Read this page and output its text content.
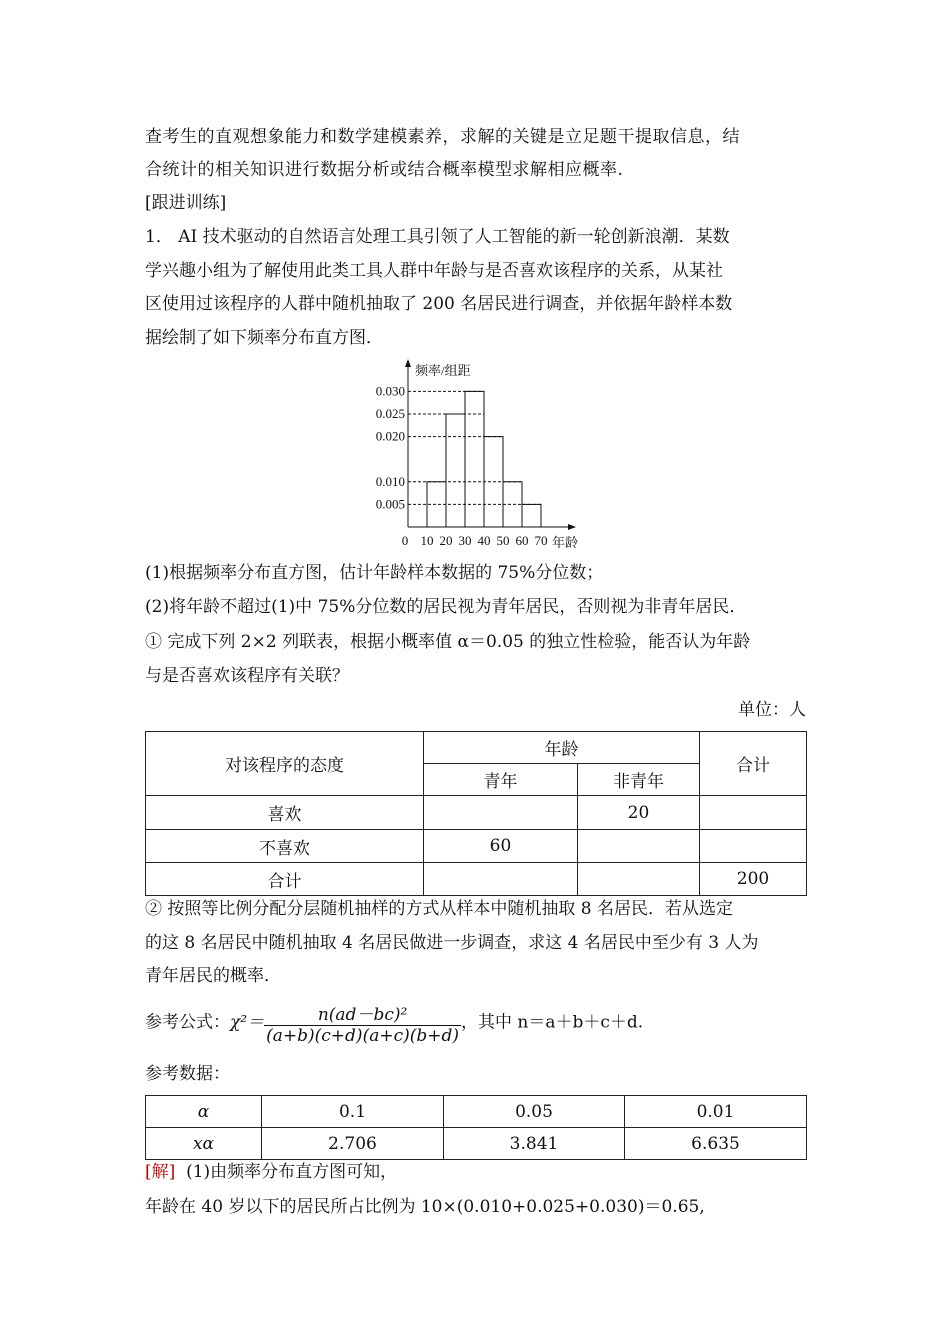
查考生的直观想象能力和数学建模素养，求解的关键是立足题干提取信息，结
合统计的相关知识进行数据分析或结合概率模型求解相应概率.
[跟进训练]
1． AI 技术驱动的自然语言处理工具引领了人工智能的新一轮创新浪潮．某数
学兴趣小组为了解使用此类工具人群中年龄与是否喜欢该程序的关系，从某社
区使用过该程序的人群中随机抽取了 200 名居民进行调查，并依据年龄样本数
据绘制了如下频率分布直方图．
频率/组距
年龄
0.005
0.010
0.020
0.025
0.030
0 10 20 30 40 50 60 70
(1)根据频率分布直方图，估计年龄样本数据的 75%分位数；
(2)将年龄不超过(1)中 75%分位数的居民视为青年居民，否则视为非青年居民．
① 完成下列 2×2 列联表，根据小概率值 α＝0.05 的独立性检验，能否认为年龄
与是否喜欢该程序有关联？
单位：人
对该程序的态度	年龄		合计
	青年	非青年	
喜欢		20	
不喜欢	60		
合计			200
② 按照等比例分配分层随机抽样的方式从样本中随机抽取 8 名居民．若从选定
的这 8 名居民中随机抽取 4 名居民做进一步调查，求这 4 名居民中至少有 3 人为
青年居民的概率．
参考公式：$\chi^2= \frac{\text{n(ad－bc)²}}{(a+b)(c+d)(a+c)(b+d)}$ ，其中 n＝a＋b＋c＋d.
参考数据：
α	0.1	0.05	0.01
xα	2.706	3.841	6.635
[解] (1)由频率分布直方图可知，
年龄在 40 岁以下的居民所占比例为 10×(0.010+0.025+0.030)＝0.65,
